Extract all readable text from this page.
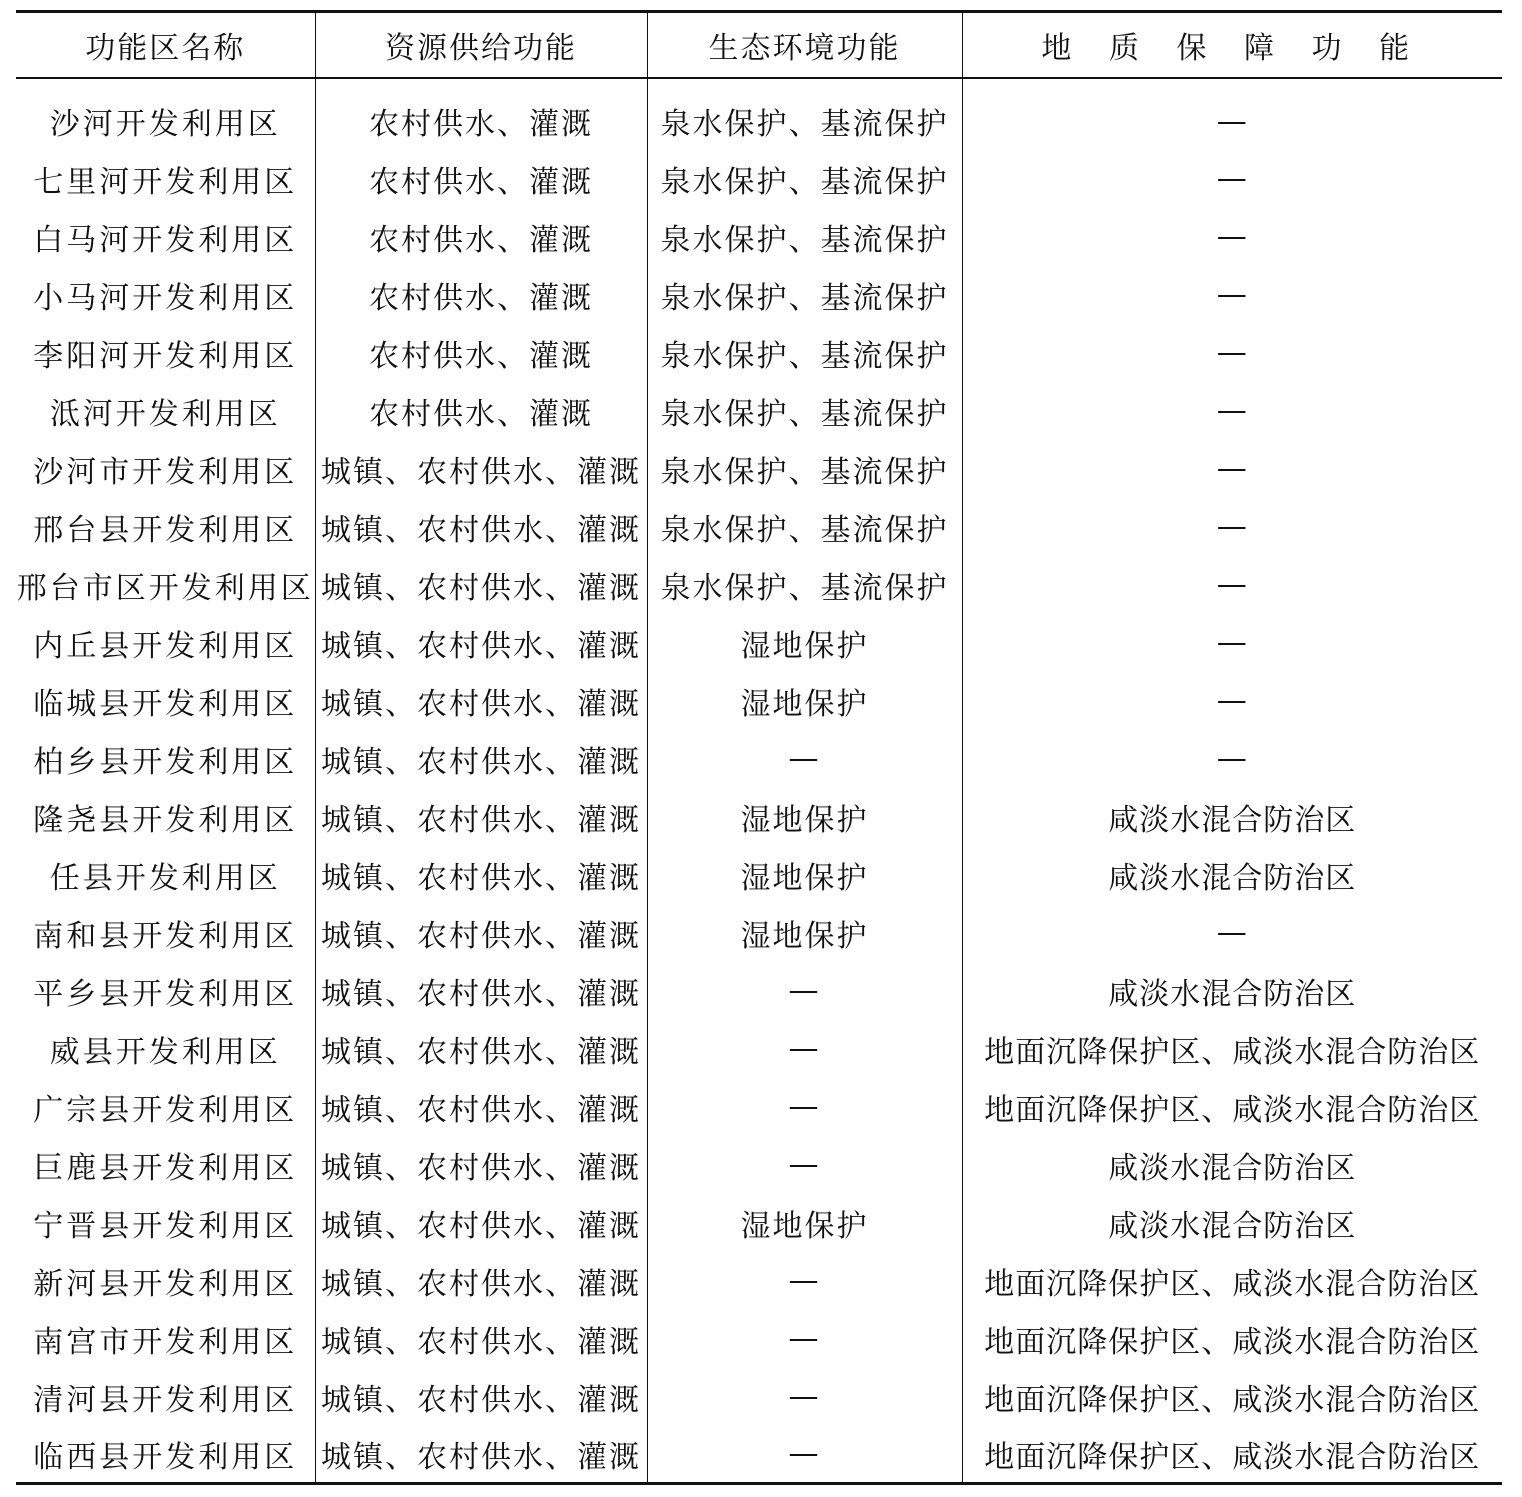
功能区名称	资源供给功能	生态环境功能	地 质 保 障 功 能
沙河开发利用区	农村供水、灌溉	泉水保护、基流保护	—
七里河开发利用区	农村供水、灌溉	泉水保护、基流保护	—
白马河开发利用区	农村供水、灌溉	泉水保护、基流保护	—
小马河开发利用区	农村供水、灌溉	泉水保护、基流保护	—
李阳河开发利用区	农村供水、灌溉	泉水保护、基流保护	—
泜河开发利用区	农村供水、灌溉	泉水保护、基流保护	—
沙河市开发利用区	城镇、农村供水、灌溉	泉水保护、基流保护	—
邢台县开发利用区	城镇、农村供水、灌溉	泉水保护、基流保护	—
邢台市区开发利用区	城镇、农村供水、灌溉	泉水保护、基流保护	—
内丘县开发利用区	城镇、农村供水、灌溉	湿地保护	—
临城县开发利用区	城镇、农村供水、灌溉	湿地保护	—
柏乡县开发利用区	城镇、农村供水、灌溉	—	—
隆尧县开发利用区	城镇、农村供水、灌溉	湿地保护	咸淡水混合防治区
任县开发利用区	城镇、农村供水、灌溉	湿地保护	咸淡水混合防治区
南和县开发利用区	城镇、农村供水、灌溉	湿地保护	—
平乡县开发利用区	城镇、农村供水、灌溉	—	咸淡水混合防治区
威县开发利用区	城镇、农村供水、灌溉	—	地面沉降保护区、咸淡水混合防治区
广宗县开发利用区	城镇、农村供水、灌溉	—	地面沉降保护区、咸淡水混合防治区
巨鹿县开发利用区	城镇、农村供水、灌溉	—	咸淡水混合防治区
宁晋县开发利用区	城镇、农村供水、灌溉	湿地保护	咸淡水混合防治区
新河县开发利用区	城镇、农村供水、灌溉	—	地面沉降保护区、咸淡水混合防治区
南宫市开发利用区	城镇、农村供水、灌溉	—	地面沉降保护区、咸淡水混合防治区
清河县开发利用区	城镇、农村供水、灌溉	—	地面沉降保护区、咸淡水混合防治区
临西县开发利用区	城镇、农村供水、灌溉	—	地面沉降保护区、咸淡水混合防治区
